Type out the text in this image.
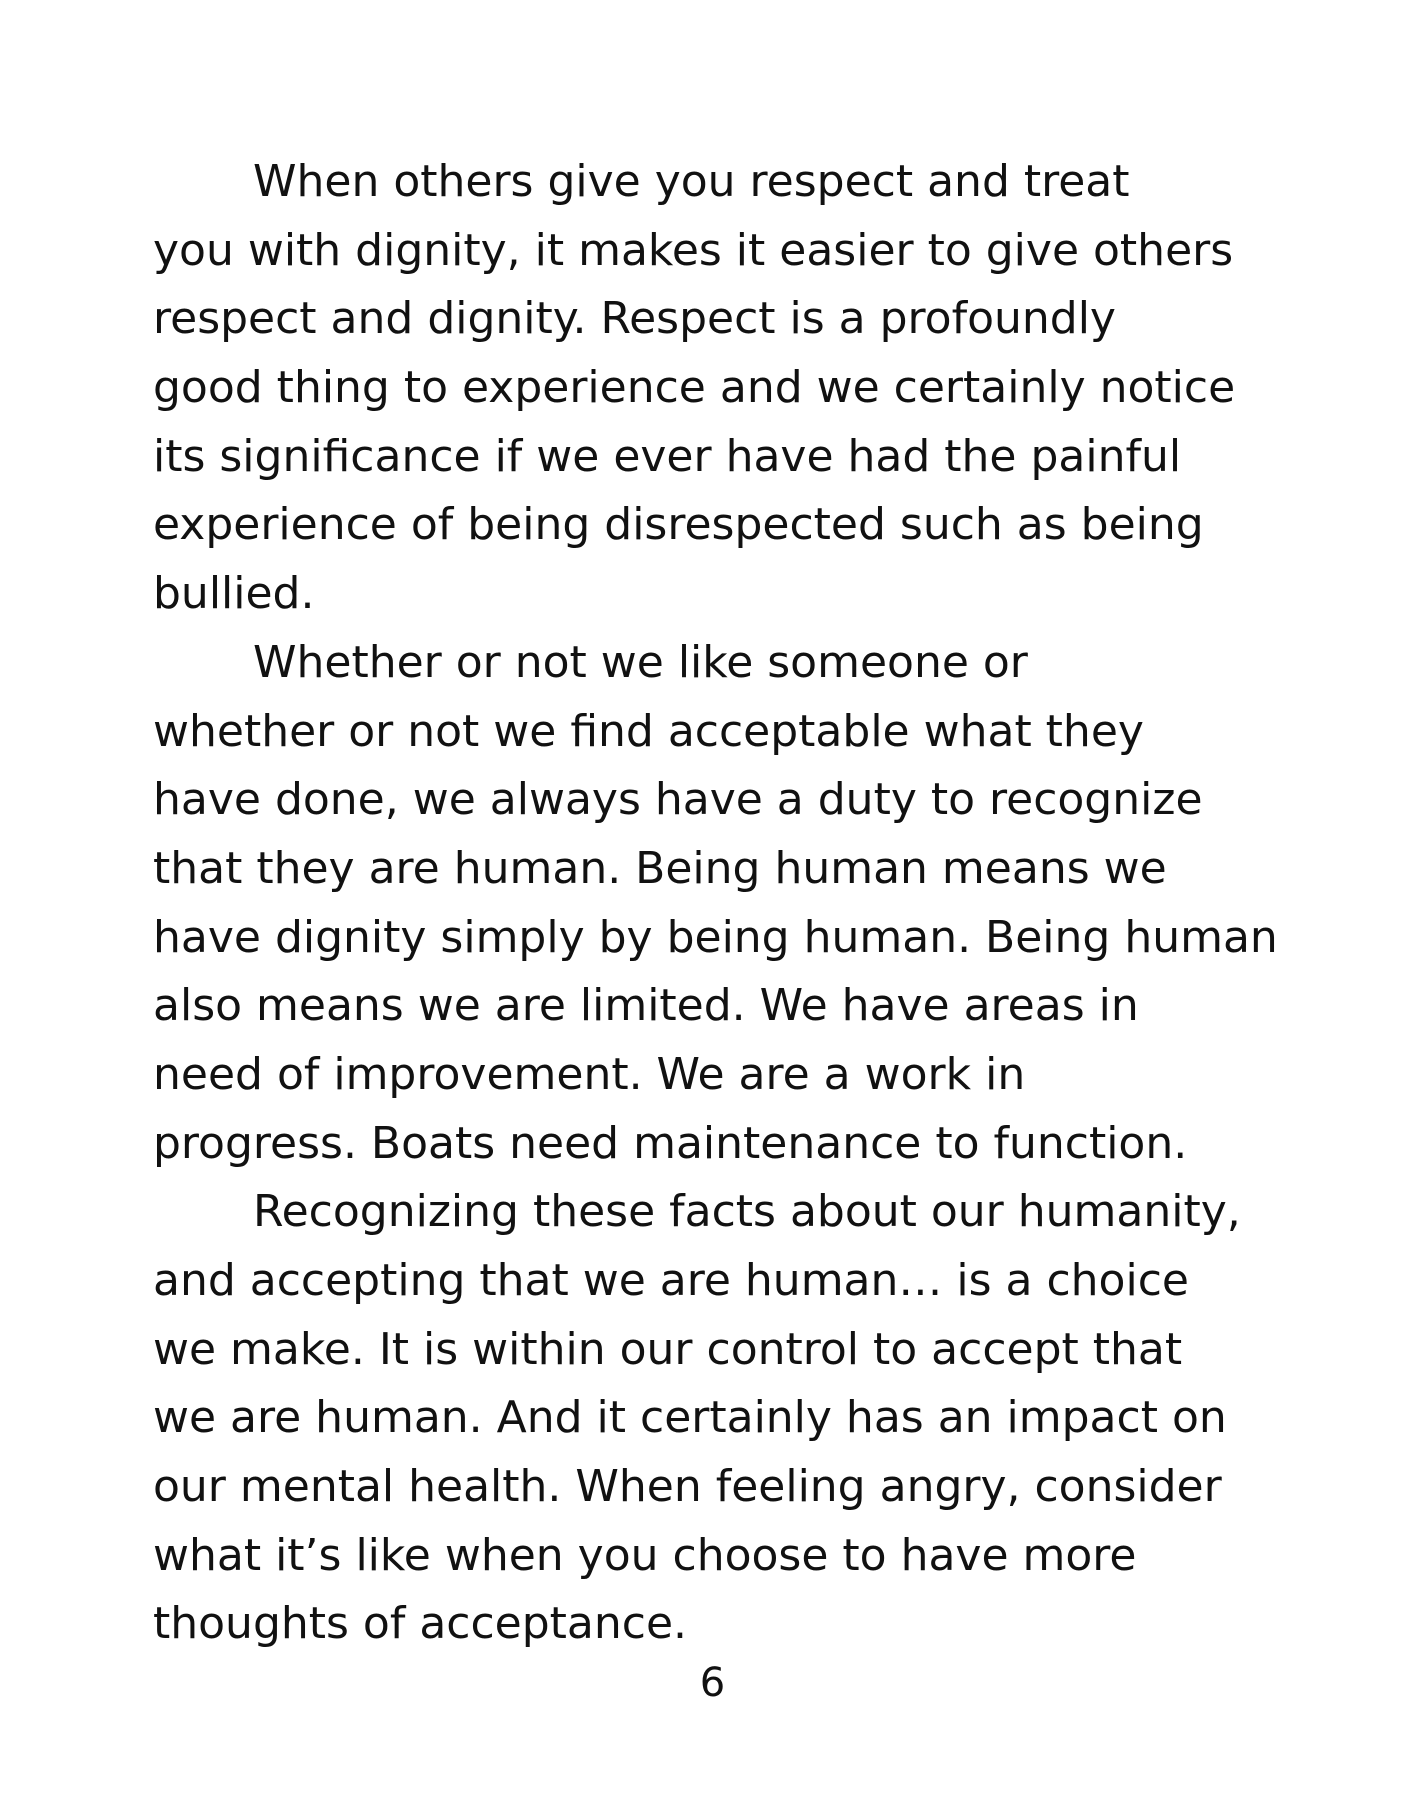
When others give you respect and treat
you with dignity, it makes it easier to give others
respect and dignity. Respect is a profoundly
good thing to experience and we certainly notice
its significance if we ever have had the painful
experience of being disrespected such as being
bullied.
Whether or not we like someone or
whether or not we find acceptable what they
have done, we always have a duty to recognize
that they are human. Being human means we
have dignity simply by being human. Being human
also means we are limited. We have areas in
need of improvement. We are a work in
progress. Boats need maintenance to function.
Recognizing these facts about our humanity,
and accepting that we are human… is a choice
we make. It is within our control to accept that
we are human. And it certainly has an impact on
our mental health. When feeling angry, consider
what it’s like when you choose to have more
thoughts of acceptance.
6
